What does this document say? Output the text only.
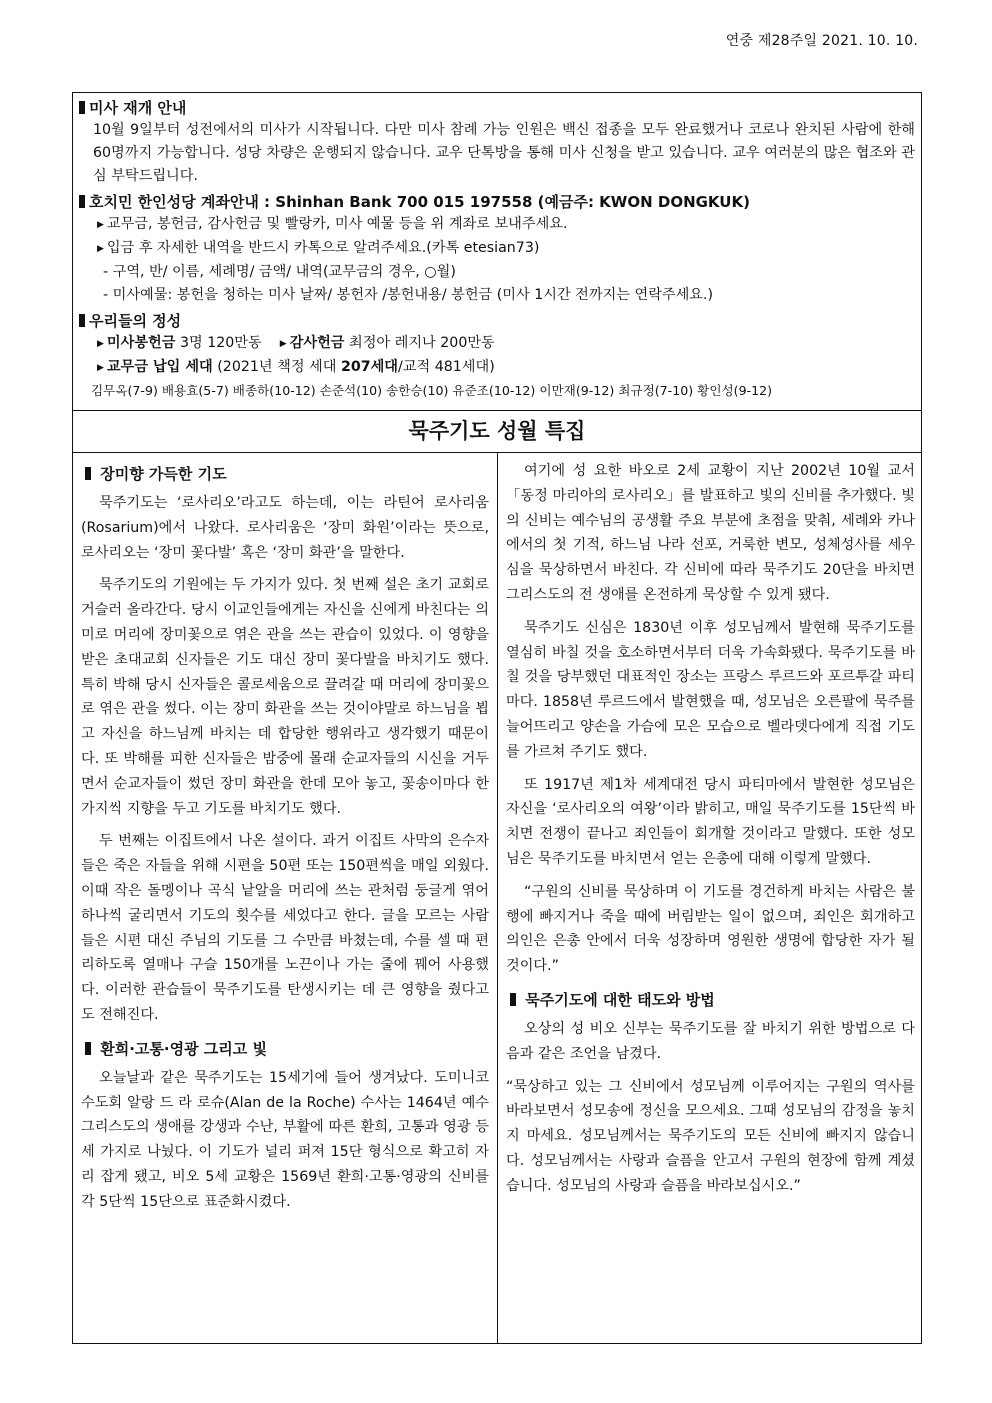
연중 제28주일 2021. 10. 10.

미사 재개 안내

10월 9일부터 성전에서의 미사가 시작됩니다. 다만 미사 참례 가능 인원은 백신 접종을 모두 완료했거나 코로나 완치된 사람에 한해 60명까지 가능합니다. 성당 차량은 운행되지 않습니다. 교우 단톡방을 통해 미사 신청을 받고 있습니다. 교우 여러분의 많은 협조와 관심 부탁드립니다.

호치민 한인성당 계좌안내 : Shinhan Bank 700 015 197558 (예금주: KWON DONGKUK)

▶ 교무금, 봉헌금, 감사헌금 및 빨랑카, 미사 예물 등을 위 계좌로 보내주세요.

▶ 입금 후 자세한 내역을 반드시 카톡으로 알려주세요.(카톡 etesian73)

- 구역, 반/ 이름, 세례명/ 금액/ 내역(교무금의 경우, ○월)

- 미사예물: 봉헌을 청하는 미사 날짜/ 봉헌자 /봉헌내용/ 봉헌금 (미사 1시간 전까지는 연락주세요.)

우리들의 정성

▶ 미사봉헌금 3명 120만동 ▶ 감사헌금 최정아 레지나 200만동

▶ 교무금 납입 세대 (2021년 책정 세대 207세대/교적 481세대)

김무옥(7-9) 배용효(5-7) 배종하(10-12) 손준석(10) 송한승(10) 유준조(10-12) 이만재(9-12) 최규정(7-10) 황인성(9-12)

묵주기도 성월 특집

장미향 가득한 기도

묵주기도는 ‘로사리오’라고도 하는데, 이는 라틴어 로사리움(Rosarium)에서 나왔다. 로사리움은 ‘장미 화원’이라는 뜻으로, 로사리오는 ‘장미 꽃다발’ 혹은 ‘장미 화관’을 말한다.

묵주기도의 기원에는 두 가지가 있다. 첫 번째 설은 초기 교회로 거슬러 올라간다. 당시 이교인들에게는 자신을 신에게 바친다는 의미로 머리에 장미꽃으로 엮은 관을 쓰는 관습이 있었다. 이 영향을 받은 초대교회 신자들은 기도 대신 장미 꽃다발을 바치기도 했다. 특히 박해 당시 신자들은 콜로세움으로 끌려갈 때 머리에 장미꽃으로 엮은 관을 썼다. 이는 장미 화관을 쓰는 것이야말로 하느님을 뵙고 자신을 하느님께 바치는 데 합당한 행위라고 생각했기 때문이다. 또 박해를 피한 신자들은 밤중에 몰래 순교자들의 시신을 거두면서 순교자들이 썼던 장미 화관을 한데 모아 놓고, 꽃송이마다 한 가지씩 지향을 두고 기도를 바치기도 했다.

두 번째는 이집트에서 나온 설이다. 과거 이집트 사막의 은수자들은 죽은 자들을 위해 시편을 50편 또는 150편씩을 매일 외웠다. 이때 작은 돌멩이나 곡식 낱알을 머리에 쓰는 관처럼 둥글게 엮어 하나씩 굴리면서 기도의 횟수를 세었다고 한다. 글을 모르는 사람들은 시편 대신 주님의 기도를 그 수만큼 바쳤는데, 수를 셀 때 편리하도록 열매나 구슬 150개를 노끈이나 가는 줄에 꿰어 사용했다. 이러한 관습들이 묵주기도를 탄생시키는 데 큰 영향을 줬다고도 전해진다.

환희·고통·영광 그리고 빛

오늘날과 같은 묵주기도는 15세기에 들어 생겨났다. 도미니코 수도회 알랑 드 라 로슈(Alan de la Roche) 수사는 1464년 예수 그리스도의 생애를 강생과 수난, 부활에 따른 환희, 고통과 영광 등 세 가지로 나눴다. 이 기도가 널리 퍼져 15단 형식으로 확고히 자리 잡게 됐고, 비오 5세 교황은 1569년 환희·고통·영광의 신비를 각 5단씩 15단으로 표준화시켰다.

여기에 성 요한 바오로 2세 교황이 지난 2002년 10월 교서 「동정 마리아의 로사리오」를 발표하고 빛의 신비를 추가했다. 빛의 신비는 예수님의 공생활 주요 부분에 초점을 맞춰, 세례와 카나에서의 첫 기적, 하느님 나라 선포, 거룩한 변모, 성체성사를 세우심을 묵상하면서 바친다. 각 신비에 따라 묵주기도 20단을 바치면 그리스도의 전 생애를 온전하게 묵상할 수 있게 됐다.

묵주기도 신심은 1830년 이후 성모님께서 발현해 묵주기도를 열심히 바칠 것을 호소하면서부터 더욱 가속화됐다. 묵주기도를 바칠 것을 당부했던 대표적인 장소는 프랑스 루르드와 포르투갈 파티마다. 1858년 루르드에서 발현했을 때, 성모님은 오른팔에 묵주를 늘어뜨리고 양손을 가슴에 모은 모습으로 벨라뎃다에게 직접 기도를 가르쳐 주기도 했다.

또 1917년 제1차 세계대전 당시 파티마에서 발현한 성모님은 자신을 ‘로사리오의 여왕’이라 밝히고, 매일 묵주기도를 15단씩 바치면 전쟁이 끝나고 죄인들이 회개할 것이라고 말했다. 또한 성모님은 묵주기도를 바치면서 얻는 은총에 대해 이렇게 말했다.

“구원의 신비를 묵상하며 이 기도를 경건하게 바치는 사람은 불행에 빠지거나 죽을 때에 버림받는 일이 없으며, 죄인은 회개하고 의인은 은총 안에서 더욱 성장하며 영원한 생명에 합당한 자가 될 것이다.”

묵주기도에 대한 태도와 방법

오상의 성 비오 신부는 묵주기도를 잘 바치기 위한 방법으로 다음과 같은 조언을 남겼다.

“묵상하고 있는 그 신비에서 성모님께 이루어지는 구원의 역사를 바라보면서 성모송에 정신을 모으세요. 그때 성모님의 감정을 놓치지 마세요. 성모님께서는 묵주기도의 모든 신비에 빠지지 않습니다. 성모님께서는 사랑과 슬픔을 안고서 구원의 현장에 함께 계셨습니다. 성모님의 사랑과 슬픔을 바라보십시오.”
